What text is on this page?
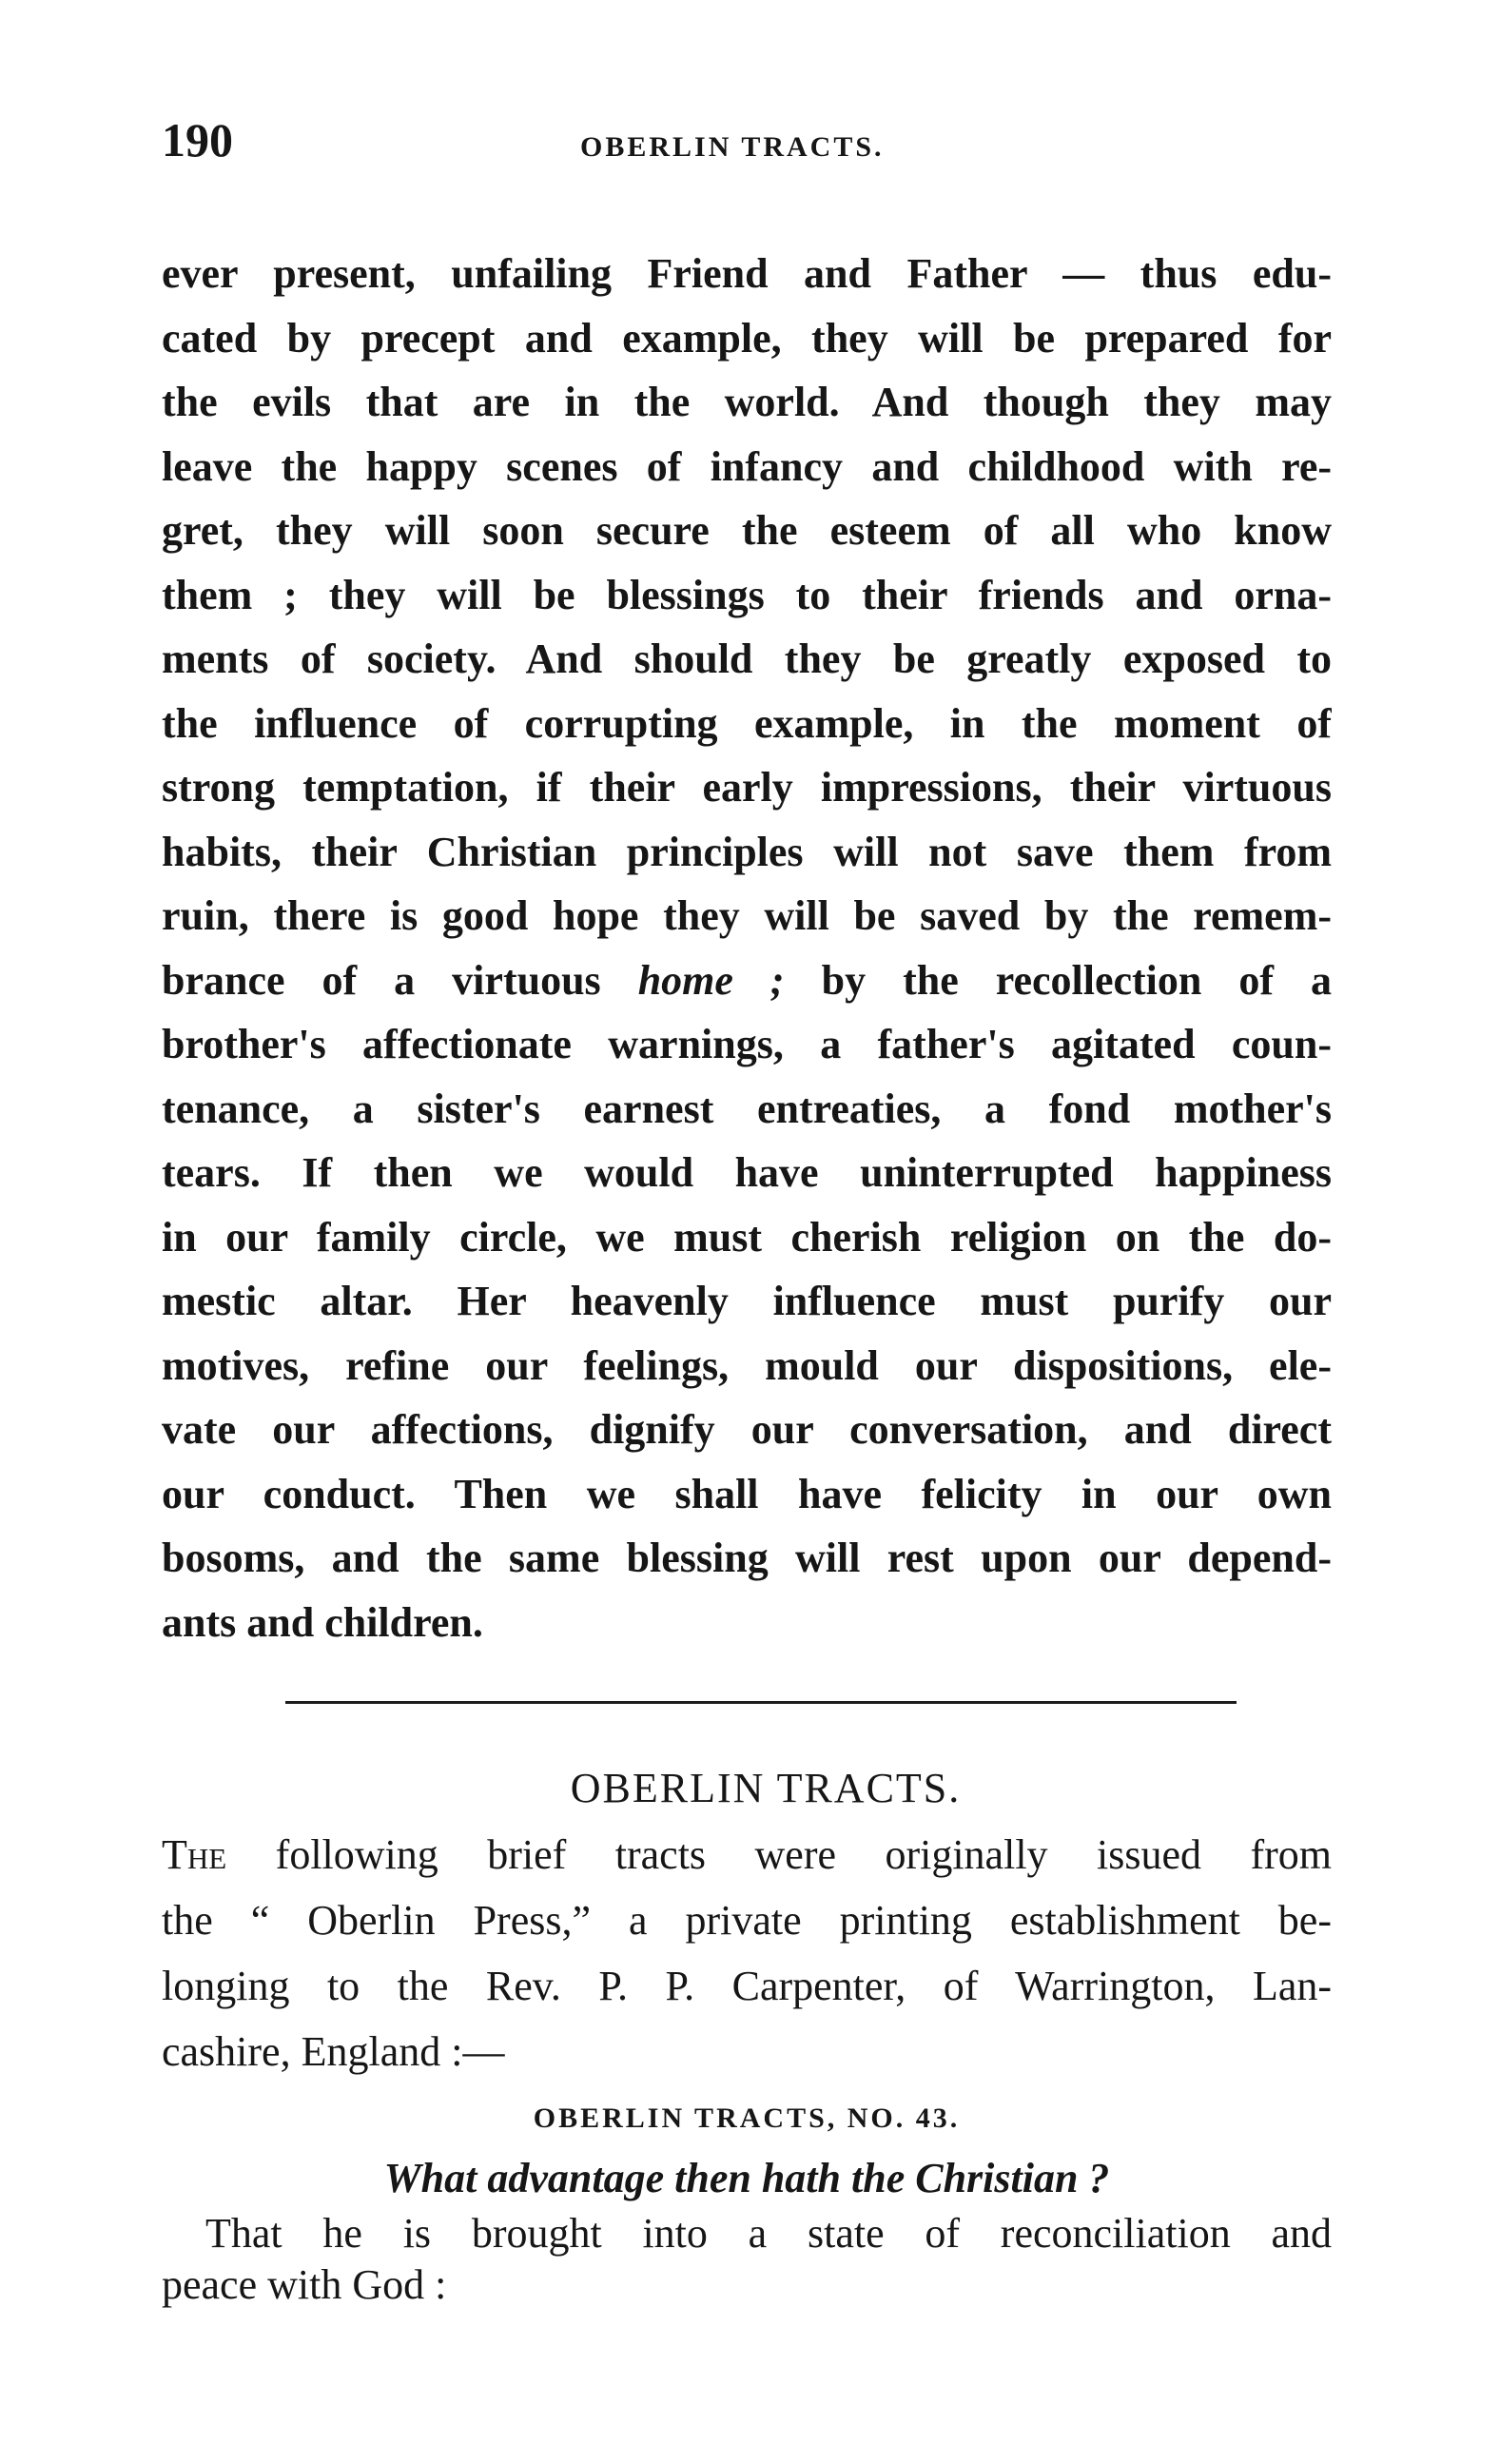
190	OBERLIN TRACTS.
ever present, unfailing Friend and Father — thus edu-
cated by precept and example, they will be prepared for
the evils that are in the world. And though they may
leave the happy scenes of infancy and childhood with re-
gret, they will soon secure the esteem of all who know
them ; they will be blessings to their friends and orna-
ments of society. And should they be greatly exposed to
the influence of corrupting example, in the moment of
strong temptation, if their early impressions, their virtuous
habits, their Christian principles will not save them from
ruin, there is good hope they will be saved by the remem-
brance of a virtuous home ; by the recollection of a
brother's affectionate warnings, a father's agitated coun-
tenance, a sister's earnest entreaties, a fond mother's
tears. If then we would have uninterrupted happiness
in our family circle, we must cherish religion on the do-
mestic altar. Her heavenly influence must purify our
motives, refine our feelings, mould our dispositions, ele-
vate our affections, dignify our conversation, and direct
our conduct. Then we shall have felicity in our own
bosoms, and the same blessing will rest upon our depend-
ants and children.
OBERLIN TRACTS.
The following brief tracts were originally issued from
the “ Oberlin Press,” a private printing establishment be-
longing to the Rev. P. P. Carpenter, of Warrington, Lan-
cashire, England :—
OBERLIN TRACTS, NO. 43.
What advantage then hath the Christian ?
That he is brought into a state of reconciliation and
peace with God :
